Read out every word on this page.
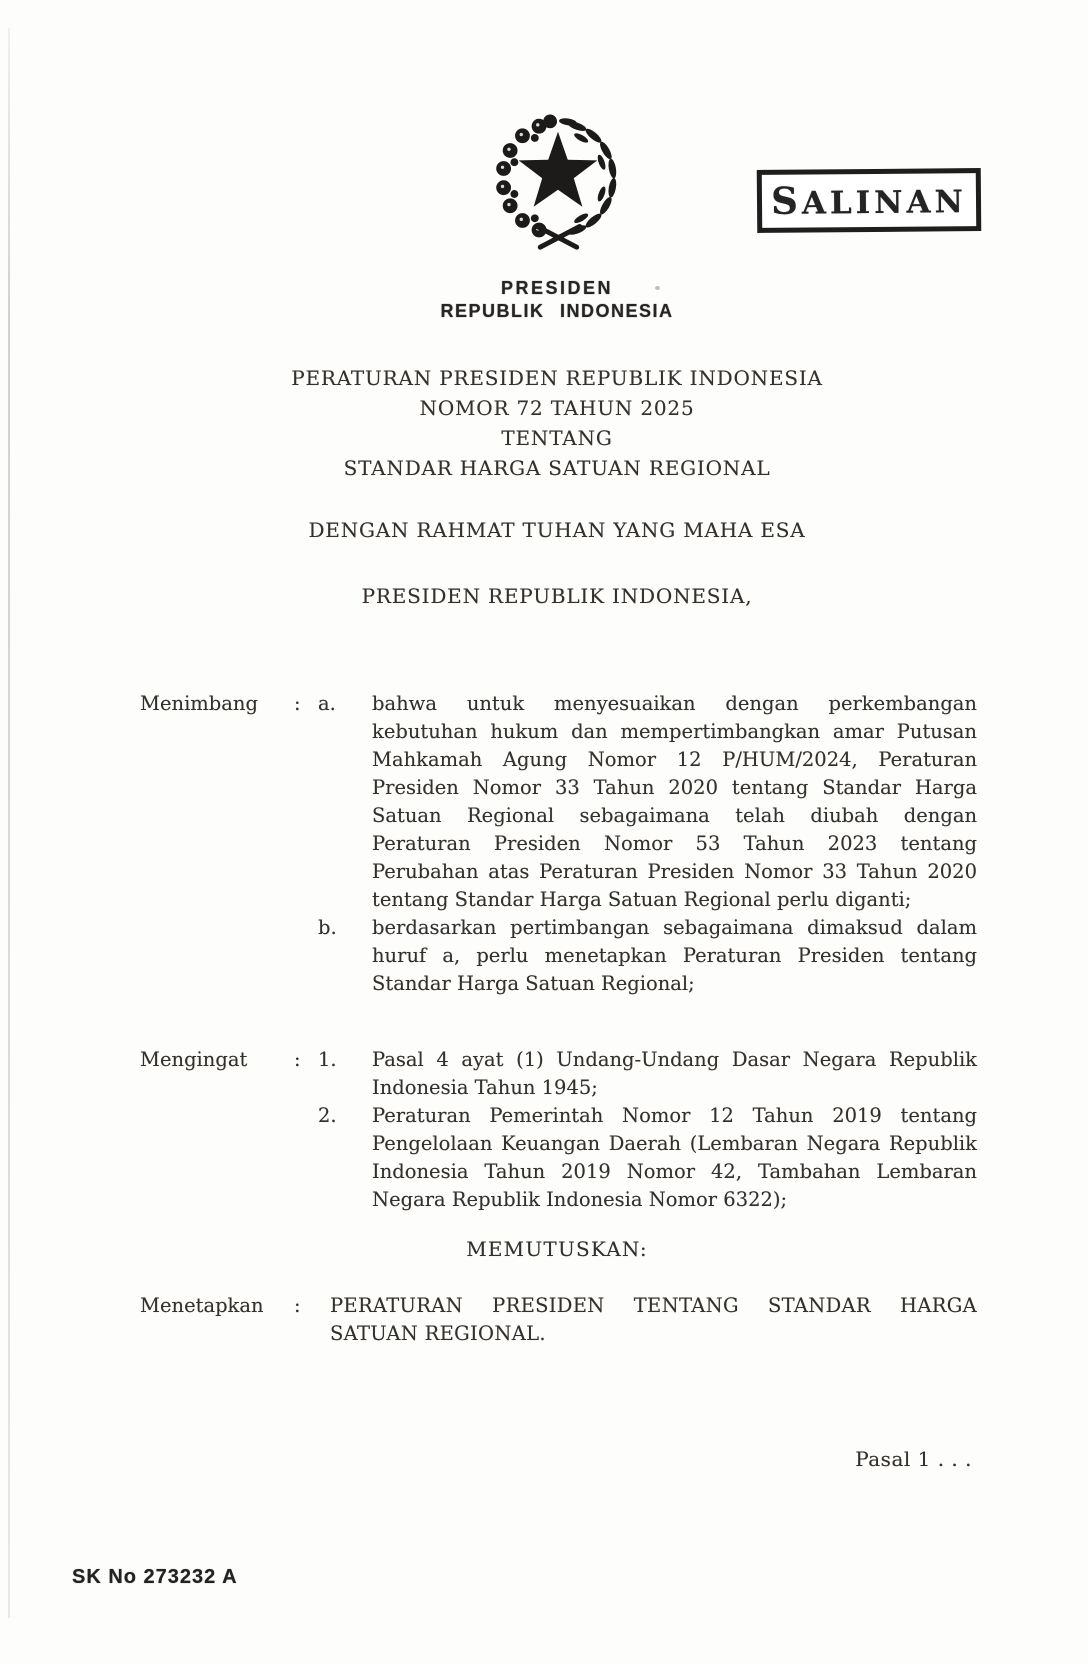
PRESIDEN
REPUBLIK INDONESIA
SALINAN
PERATURAN PRESIDEN REPUBLIK INDONESIA
NOMOR 72 TAHUN 2025
TENTANG
STANDAR HARGA SATUAN REGIONAL
DENGAN RAHMAT TUHAN YANG MAHA ESA
PRESIDEN REPUBLIK INDONESIA,
Menimbang	: a.	bahwa untuk menyesuaikan dengan perkembangan kebutuhan hukum dan mempertimbangkan amar Putusan Mahkamah Agung Nomor 12 P/HUM/2024, Peraturan Presiden Nomor 33 Tahun 2020 tentang Standar Harga Satuan Regional sebagaimana telah diubah dengan Peraturan Presiden Nomor 53 Tahun 2023 tentang Perubahan atas Peraturan Presiden Nomor 33 Tahun 2020 tentang Standar Harga Satuan Regional perlu diganti;
b.	berdasarkan pertimbangan sebagaimana dimaksud dalam huruf a, perlu menetapkan Peraturan Presiden tentang Standar Harga Satuan Regional;
Mengingat	: 1.	Pasal 4 ayat (1) Undang-Undang Dasar Negara Republik Indonesia Tahun 1945;
2.	Peraturan Pemerintah Nomor 12 Tahun 2019 tentang Pengelolaan Keuangan Daerah (Lembaran Negara Republik Indonesia Tahun 2019 Nomor 42, Tambahan Lembaran Negara Republik Indonesia Nomor 6322);
MEMUTUSKAN:
Menetapkan	:	PERATURAN PRESIDEN TENTANG STANDAR HARGA SATUAN REGIONAL.
Pasal 1 . . .
SK No 273232 A
